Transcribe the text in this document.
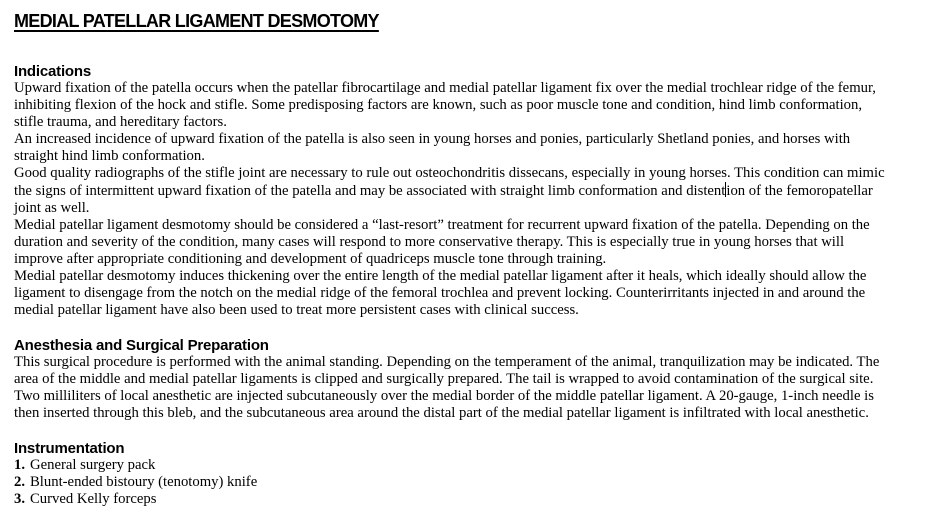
MEDIAL PATELLAR LIGAMENT DESMOTOMY
Indications

Upward fixation of the patella occurs when the patellar fibrocartilage and medial patellar ligament fix over the medial trochlear ridge of the femur, inhibiting flexion of the hock and stifle. Some predisposing factors are known, such as poor muscle tone and condition, hind limb conformation, stifle trauma, and hereditary factors.

An increased incidence of upward fixation of the patella is also seen in young horses and ponies, particularly Shetland ponies, and horses with straight hind limb conformation.

Good quality radiographs of the stifle joint are necessary to rule out osteochondritis dissecans, especially in young horses. This condition can mimic the signs of intermittent upward fixation of the patella and may be associated with straight limb conformation and distention of the femoropatellar joint as well.

Medial patellar ligament desmotomy should be considered a “last-resort” treatment for recurrent upward fixation of the patella. Depending on the duration and severity of the condition, many cases will respond to more conservative therapy. This is especially true in young horses that will improve after appropriate conditioning and development of quadriceps muscle tone through training.

Medial patellar desmotomy induces thickening over the entire length of the medial patellar ligament after it heals, which ideally should allow the ligament to disengage from the notch on the medial ridge of the femoral trochlea and prevent locking. Counterirritants injected in and around the medial patellar ligament have also been used to treat more persistent cases with clinical success.

Anesthesia and Surgical Preparation

This surgical procedure is performed with the animal standing. Depending on the temperament of the animal, tranquilization may be indicated. The area of the middle and medial patellar ligaments is clipped and surgically prepared. The tail is wrapped to avoid contamination of the surgical site. Two milliliters of local anesthetic are injected subcutaneously over the medial border of the middle patellar ligament. A 20-gauge, 1-inch needle is then inserted through this bleb, and the subcutaneous area around the distal part of the medial patellar ligament is infiltrated with local anesthetic.

Instrumentation
1. General surgery pack
2. Blunt-ended bistoury (tenotomy) knife
3. Curved Kelly forceps
